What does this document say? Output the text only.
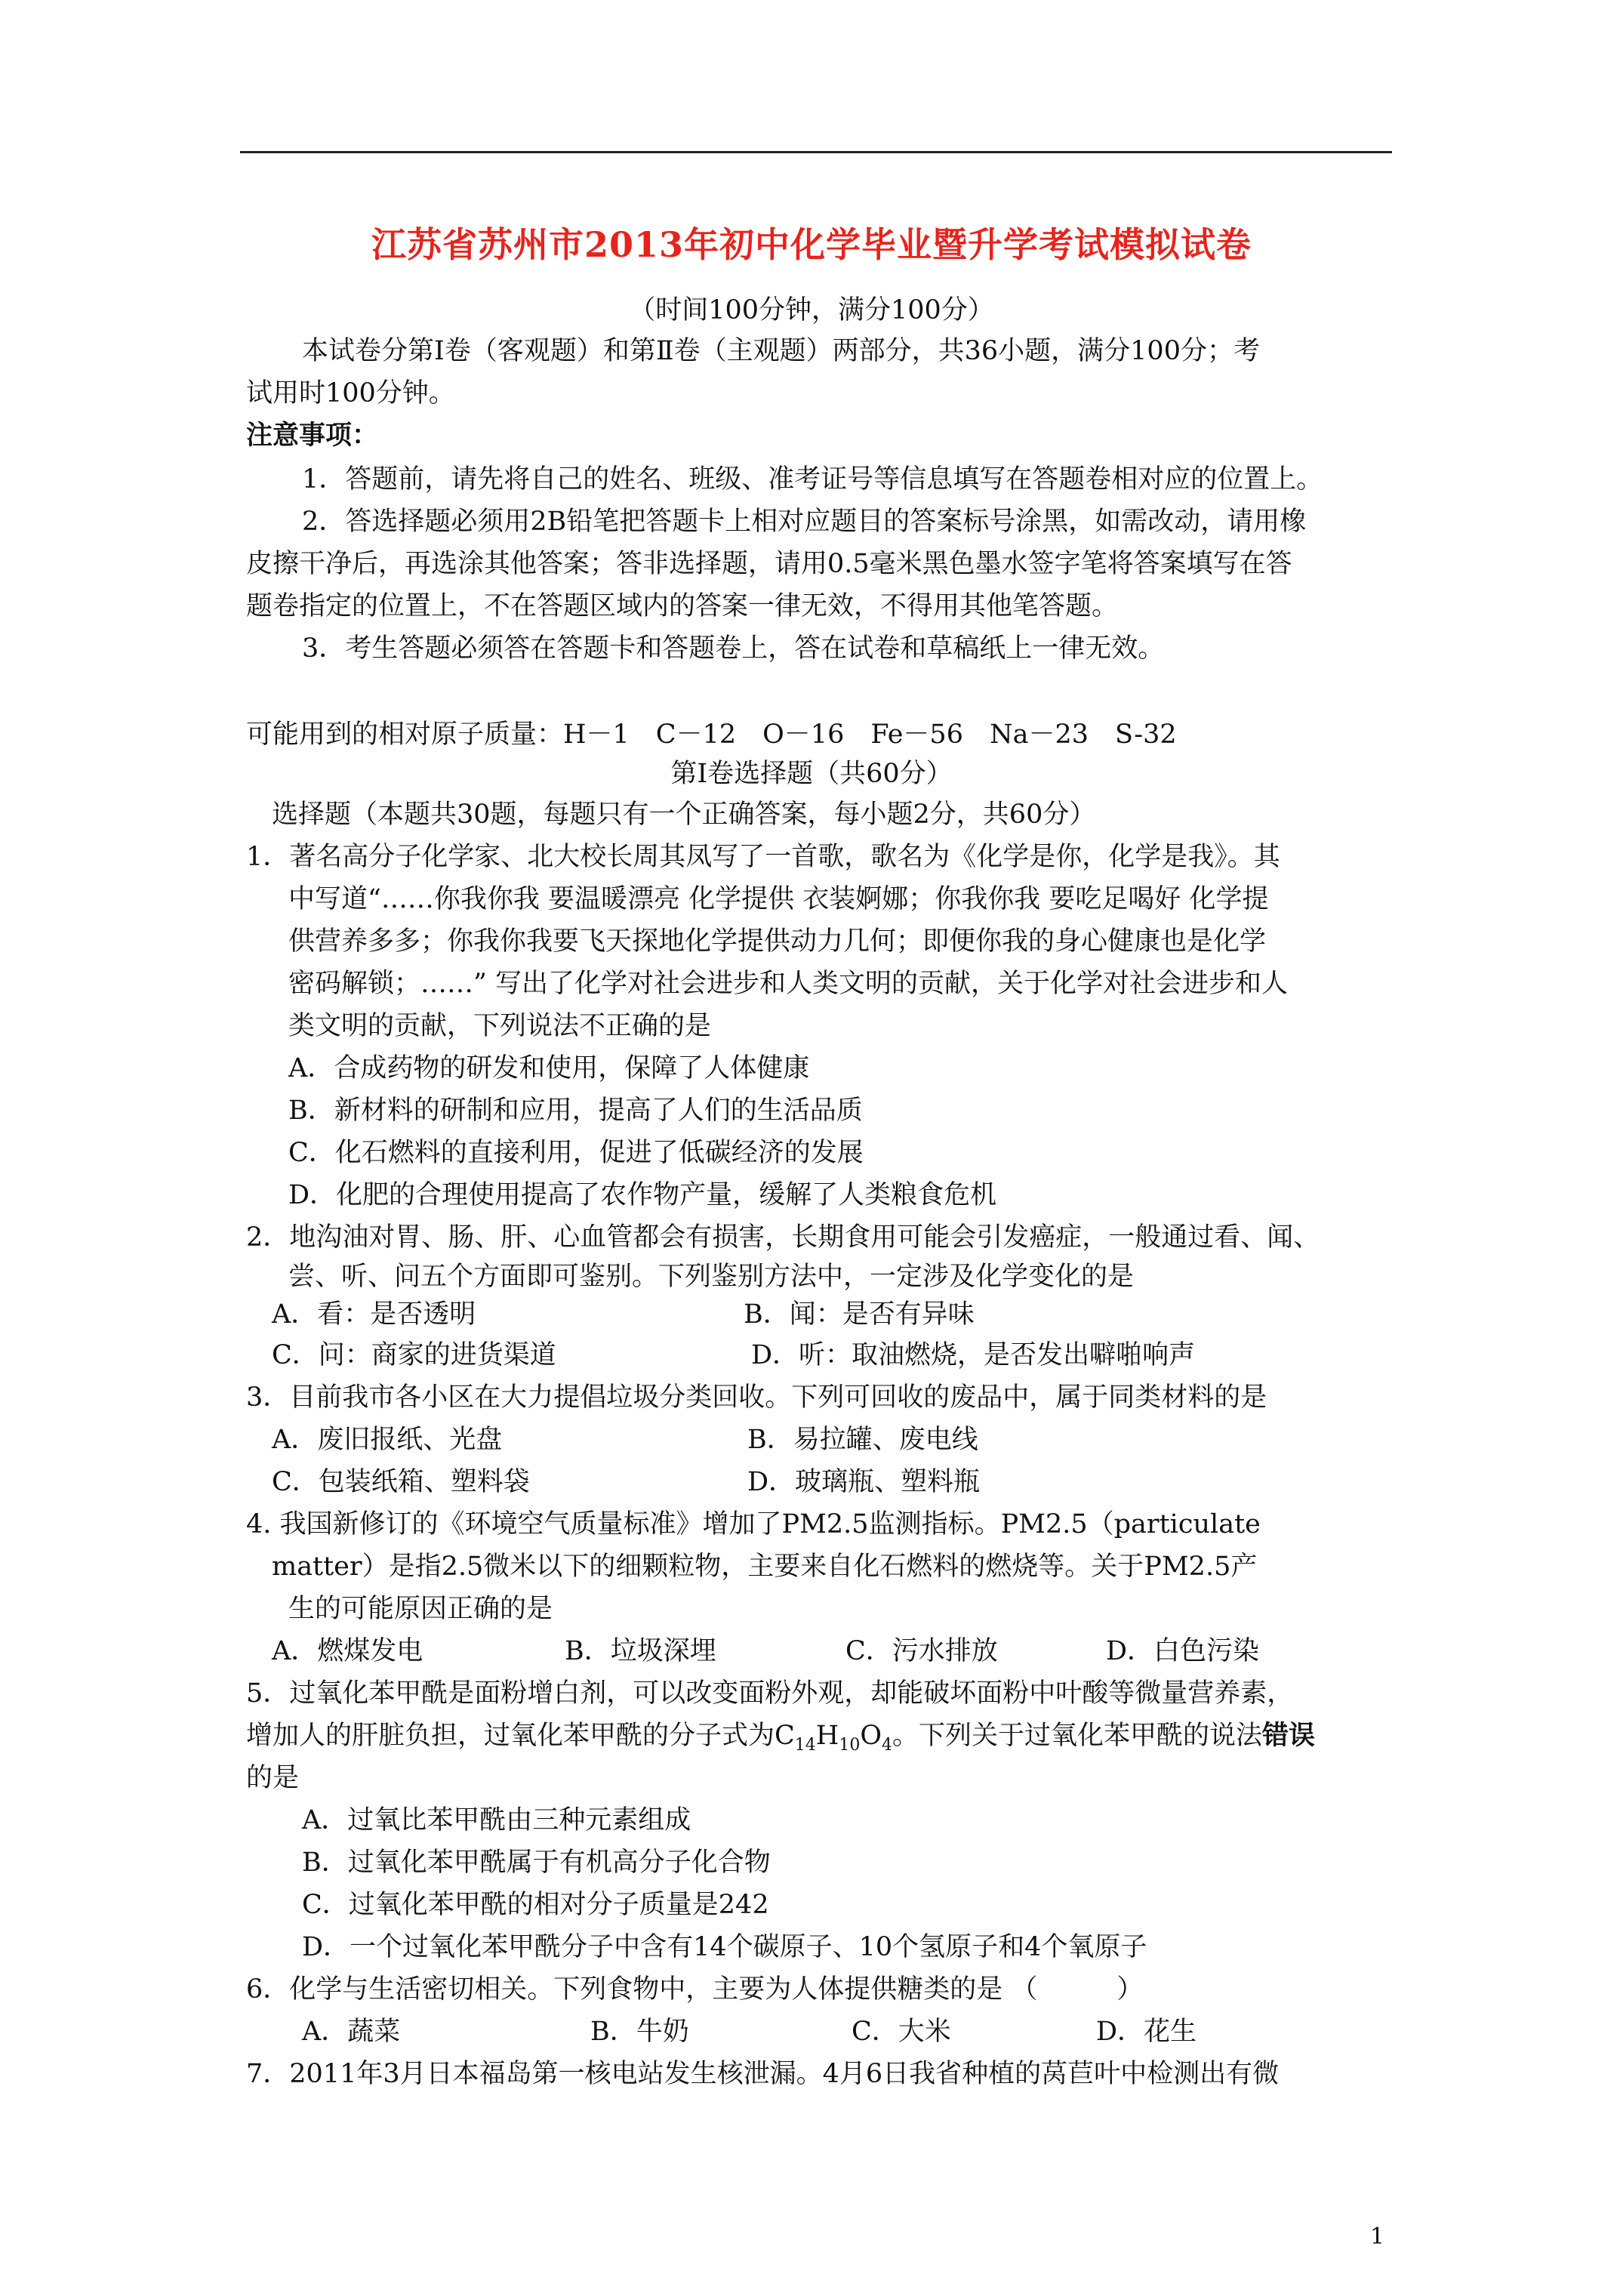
江苏省苏州市2013年初中化学毕业暨升学考试模拟试卷
（时间100分钟，满分100分）
本试卷分第Ⅰ卷（客观题）和第Ⅱ卷（主观题）两部分，共36小题，满分100分；考
试用时100分钟。
注意事项：
1．答题前，请先将自己的姓名、班级、准考证号等信息填写在答题卷相对应的位置上。
2．答选择题必须用2B铅笔把答题卡上相对应题目的答案标号涂黑，如需改动，请用橡
皮擦干净后，再选涂其他答案；答非选择题，请用0.5毫米黑色墨水签字笔将答案填写在答
题卷指定的位置上，不在答题区域内的答案一律无效，不得用其他笔答题。
3．考生答题必须答在答题卡和答题卷上，答在试卷和草稿纸上一律无效。
可能用到的相对原子质量：H－1　C－12　O－16　Fe－56　Na－23　S-32
第Ⅰ卷选择题（共60分）
选择题（本题共30题，每题只有一个正确答案，每小题2分，共60分）
1．著名高分子化学家、北大校长周其凤写了一首歌，歌名为《化学是你，化学是我》。其
中写道“……你我你我 要温暖漂亮 化学提供 衣装婀娜；你我你我 要吃足喝好 化学提
供营养多多；你我你我要飞天探地化学提供动力几何；即便你我的身心健康也是化学
密码解锁；……” 写出了化学对社会进步和人类文明的贡献，关于化学对社会进步和人
类文明的贡献，下列说法不正确的是
A．合成药物的研发和使用，保障了人体健康
B．新材料的研制和应用，提高了人们的生活品质
C．化石燃料的直接利用，促进了低碳经济的发展
D．化肥的合理使用提高了农作物产量，缓解了人类粮食危机
2．地沟油对胃、肠、肝、心血管都会有损害，长期食用可能会引发癌症，一般通过看、闻、
尝、听、问五个方面即可鉴别。下列鉴别方法中，一定涉及化学变化的是
A．看：是否透明	B．闻：是否有异味
C．问：商家的进货渠道	D．听：取油燃烧，是否发出噼啪响声
3．目前我市各小区在大力提倡垃圾分类回收。下列可回收的废品中，属于同类材料的是
A．废旧报纸、光盘	B．易拉罐、废电线
C．包装纸箱、塑料袋	D．玻璃瓶、塑料瓶
4. 我国新修订的《环境空气质量标准》增加了PM2.5监测指标。PM2.5（particulate
matter）是指2.5微米以下的细颗粒物，主要来自化石燃料的燃烧等。关于PM2.5产
生的可能原因正确的是
A．燃煤发电	B．垃圾深埋	C．污水排放	D．白色污染
5．过氧化苯甲酰是面粉增白剂，可以改变面粉外观，却能破坏面粉中叶酸等微量营养素，
增加人的肝脏负担，过氧化苯甲酰的分子式为$C_{14}H_{10}O_4$。下列关于过氧化苯甲酰的说法错误
的是
A．过氧比苯甲酰由三种元素组成
B．过氧化苯甲酰属于有机高分子化合物
C．过氧化苯甲酰的相对分子质量是242
D．一个过氧化苯甲酰分子中含有14个碳原子、10个氢原子和4个氧原子
6．化学与生活密切相关。下列食物中，主要为人体提供糖类的是 （　　　）
A．蔬菜	B．牛奶	C．大米	D．花生
7．2011年3月日本福岛第一核电站发生核泄漏。4月6日我省种植的莴苣叶中检测出有微
1
